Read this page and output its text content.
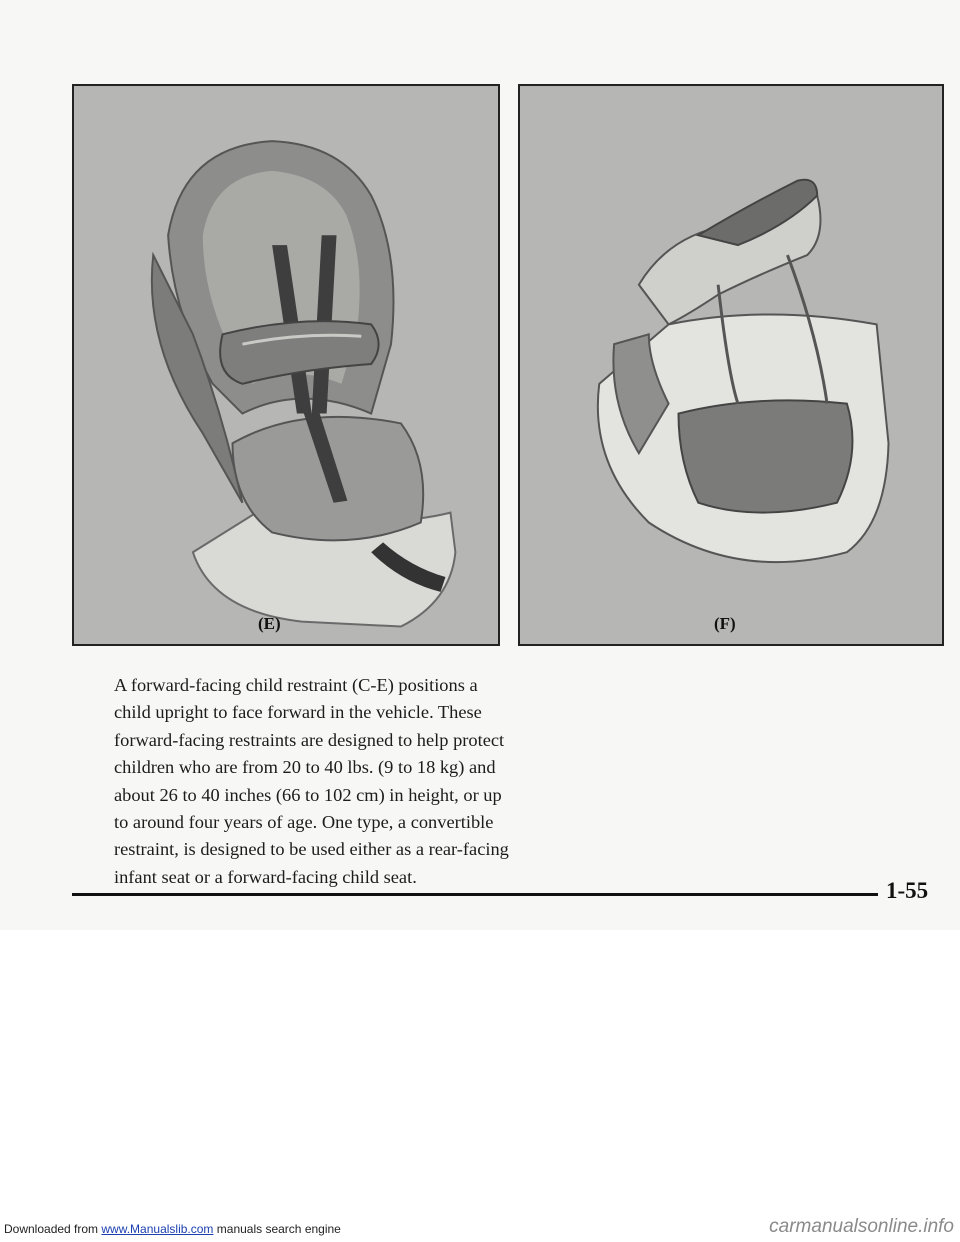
(E)	(F)

A forward-facing child restraint (C-E) positions a child upright to face forward in the vehicle. These forward-facing restraints are designed to help protect children who are from 20 to 40 lbs. (9 to 18 kg) and about 26 to 40 inches (66 to 102 cm) in height, or up to around four years of age. One type, a convertible restraint, is designed to be used either as a rear-facing infant seat or a forward-facing child seat.

1-55
Downloaded from www.Manualslib.com manuals search engine	carmanualsonline.info
